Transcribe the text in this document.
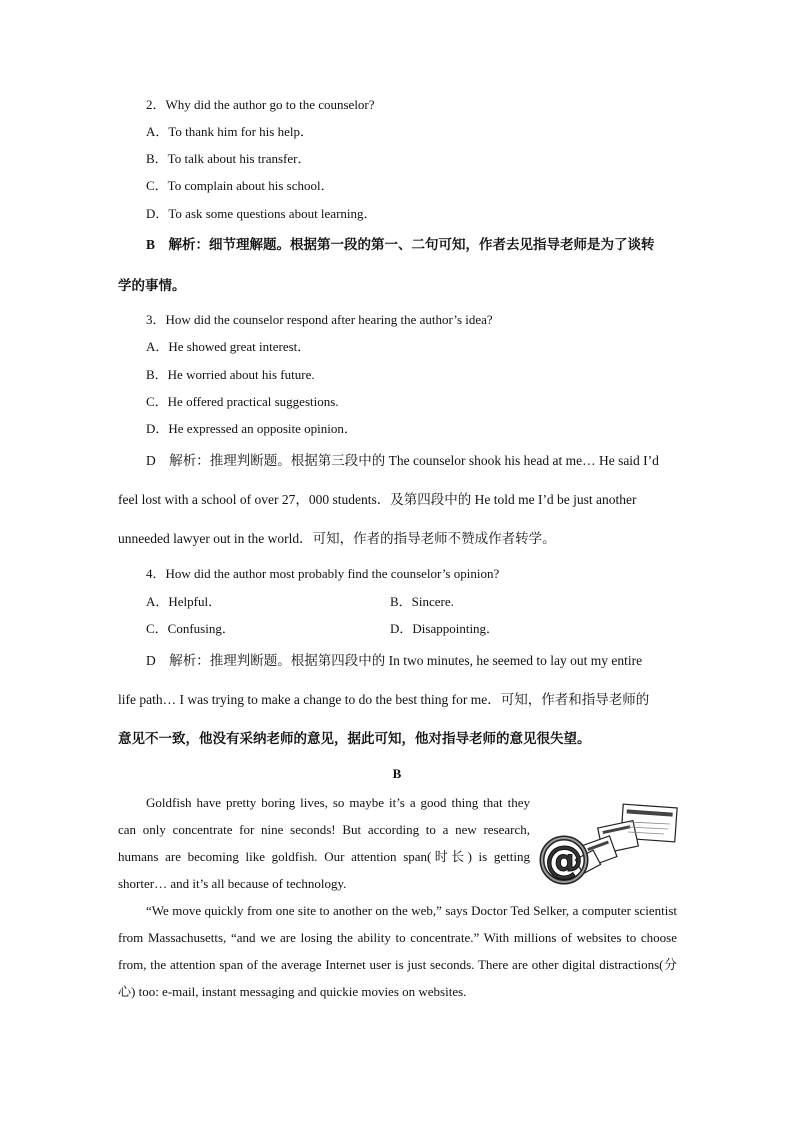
2．Why did the author go to the counselor?
A．To thank him for his help．
B．To talk about his transfer．
C．To complain about his school．
D．To ask some questions about learning．
B　解析：细节理解题。根据第一段的第一、二句可知，作者去见指导老师是为了谈转
学的事情。
3．How did the counselor respond after hearing the author’s idea?
A．He showed great interest．
B．He worried about his future.
C．He offered practical suggestions.
D．He expressed an opposite opinion．
D　解析：推理判断题。根据第三段中的 The counselor shook his head at me… He said I’d
feel lost with a school of over 27，000 students．及第四段中的 He told me I’d be just another
unneeded lawyer out in the world．可知，作者的指导老师不赞成作者转学。
4．How did the author most probably find the counselor’s opinion?
A．Helpful．	B．Sincere.
C．Confusing．	D．Disappointing．
D　解析：推理判断题。根据第四段中的 In two minutes, he seemed to lay out my entire
life path… I was trying to make a change to do the best thing for me．可知，作者和指导老师的
意见不一致，他没有采纳老师的意见，据此可知，他对指导老师的意见很失望。
B
Goldfish have pretty boring lives, so maybe it’s a good thing that they can only concentrate for nine seconds! But according to a new research, humans are becoming like goldfish. Our attention span(时长) is getting shorter… and it’s all because of technology.
@
“We move quickly from one site to another on the web,” says Doctor Ted Selker, a computer scientist from Massachusetts, “and we are losing the ability to concentrate.” With millions of websites to choose from, the attention span of the average Internet user is just seconds. There are other digital distractions(分心) too: e-mail, instant messaging and quickie movies on websites.
